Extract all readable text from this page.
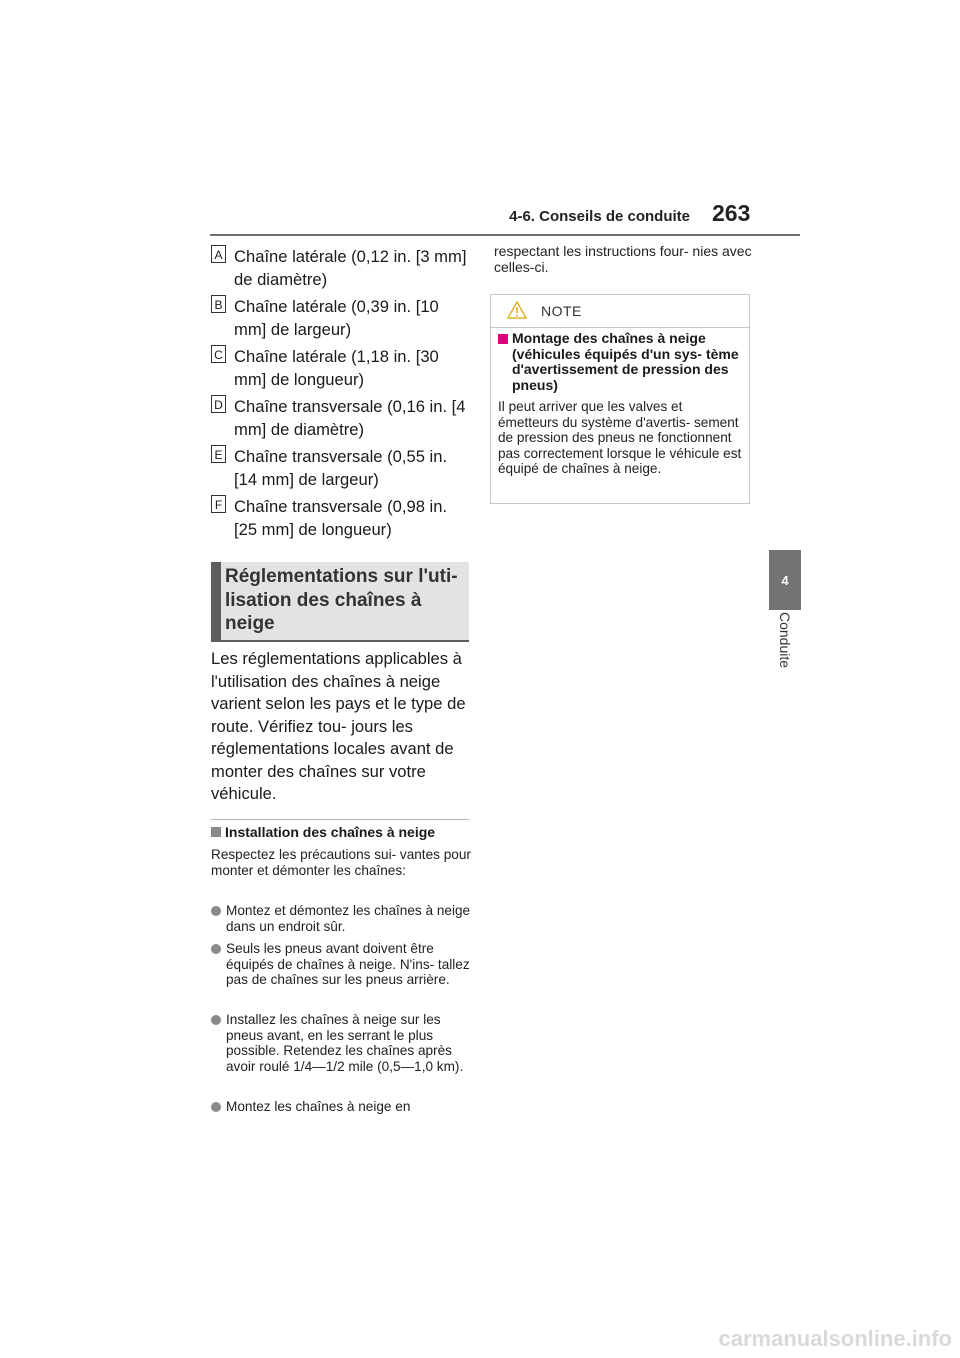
4-6. Conseils de conduite 263
4
Conduite
A Chaîne latérale (0,12 in. [3 mm] de diamètre)
B Chaîne latérale (0,39 in. [10 mm] de largeur)
C Chaîne latérale (1,18 in. [30 mm] de longueur)
D Chaîne transversale (0,16 in. [4 mm] de diamètre)
E Chaîne transversale (0,55 in. [14 mm] de largeur)
F Chaîne transversale (0,98 in. [25 mm] de longueur)
Réglementations sur l'uti- lisation des chaînes à neige
Les réglementations applicables à l'utilisation des chaînes à neige varient selon les pays et le type de route. Vérifiez tou- jours les réglementations locales avant de monter des chaînes sur votre véhicule.
Installation des chaînes à neige
Respectez les précautions sui- vantes pour monter et démonter les chaînes:
Montez et démontez les chaînes à neige dans un endroit sûr.
Seuls les pneus avant doivent être équipés de chaînes à neige. N'ins- tallez pas de chaînes sur les pneus arrière.
Installez les chaînes à neige sur les pneus avant, en les serrant le plus possible. Retendez les chaînes après avoir roulé 1/4—1/2 mile (0,5—1,0 km).
Montez les chaînes à neige en
respectant les instructions four- nies avec celles-ci.
NOTE
Montage des chaînes à neige (véhicules équipés d'un sys- tème d'avertissement de pression des pneus)
Il peut arriver que les valves et émetteurs du système d'avertis- sement de pression des pneus ne fonctionnent pas correctement lorsque le véhicule est équipé de chaînes à neige.
carmanualsonline.info
